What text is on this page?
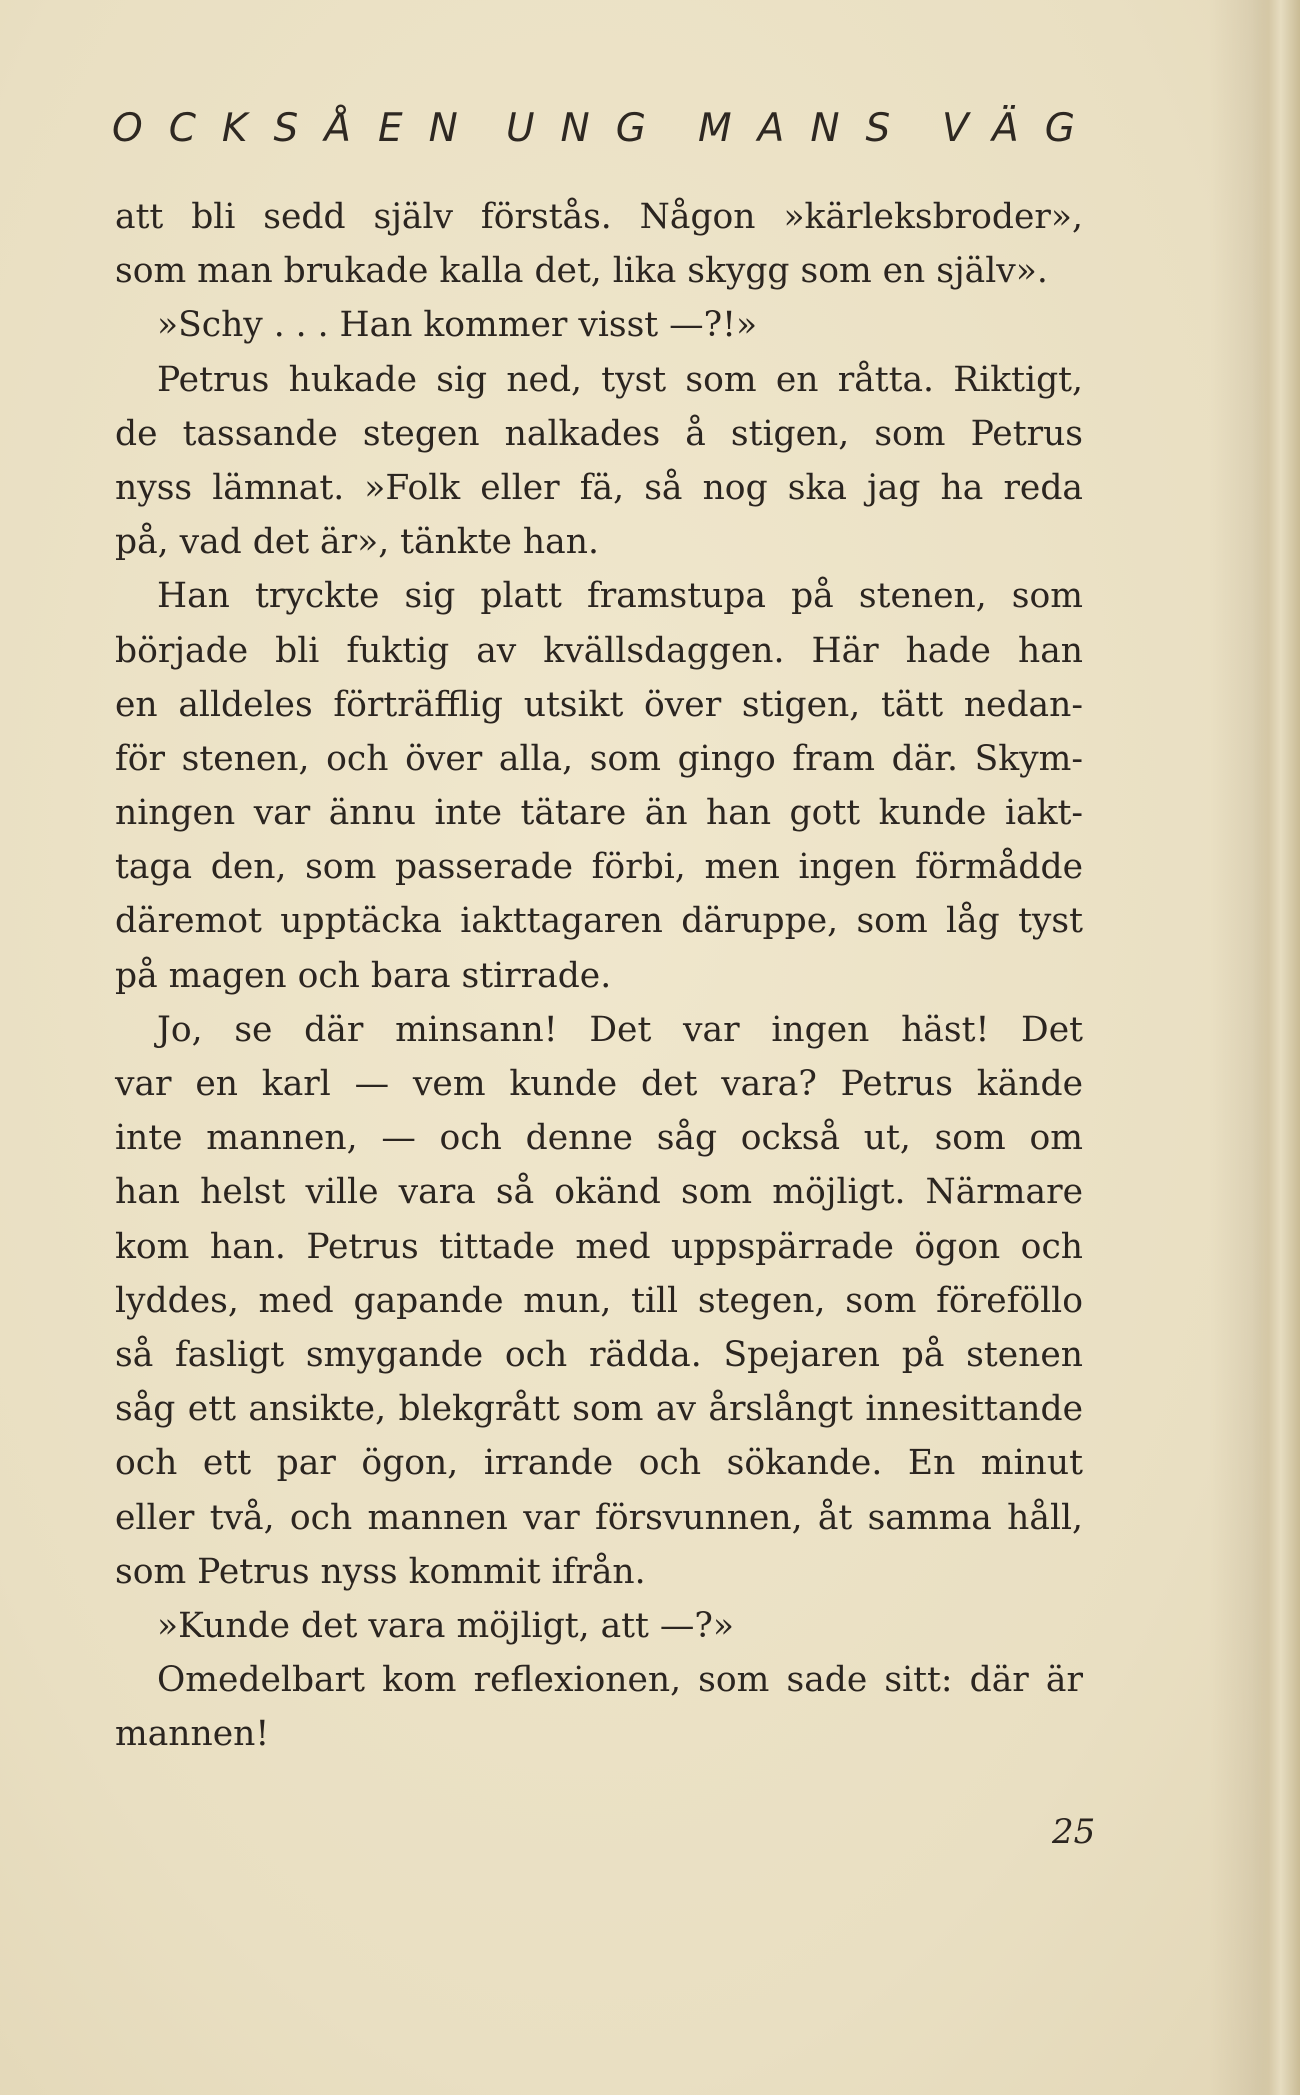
OCKSÅ EN UNG MANS VÄG
att bli sedd själv förstås. Någon »kärleksbroder»,
som man brukade kalla det, lika skygg som en själv».
»Schy . . . Han kommer visst —?!»
Petrus hukade sig ned, tyst som en råtta. Riktigt,
de tassande stegen nalkades å stigen, som Petrus
nyss lämnat. »Folk eller fä, så nog ska jag ha reda
på, vad det är», tänkte han.
Han tryckte sig platt framstupa på stenen, som
började bli fuktig av kvällsdaggen. Här hade han
en alldeles förträfflig utsikt över stigen, tätt nedan-
för stenen, och över alla, som gingo fram där. Skym-
ningen var ännu inte tätare än han gott kunde iakt-
taga den, som passerade förbi, men ingen förmådde
däremot upptäcka iakttagaren däruppe, som låg tyst
på magen och bara stirrade.
Jo, se där minsann! Det var ingen häst! Det
var en karl — vem kunde det vara? Petrus kände
inte mannen, — och denne såg också ut, som om
han helst ville vara så okänd som möjligt. Närmare
kom han. Petrus tittade med uppspärrade ögon och
lyddes, med gapande mun, till stegen, som föreföllo
så fasligt smygande och rädda. Spejaren på stenen
såg ett ansikte, blekgrått som av årslångt innesittande
och ett par ögon, irrande och sökande. En minut
eller två, och mannen var försvunnen, åt samma håll,
som Petrus nyss kommit ifrån.
»Kunde det vara möjligt, att —?»
Omedelbart kom reflexionen, som sade sitt: där är
mannen!
25
